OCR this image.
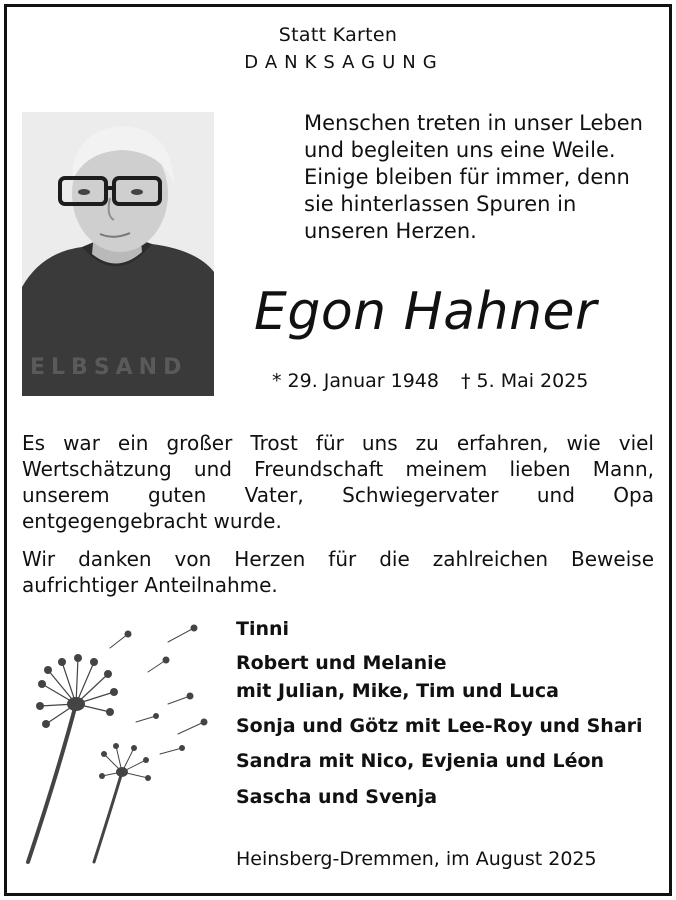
Statt Karten
DANKSAGUNG
ELBSAND
Menschen treten in unser Leben
und begleiten uns eine Weile.
Einige bleiben für immer, denn
sie hinterlassen Spuren in
unseren Herzen.
Egon Hahner
* 29. Januar 1948 † 5. Mai 2025
Es war ein großer Trost für uns zu erfahren, wie viel
Wertschätzung und Freundschaft meinem lieben Mann,
unserem guten Vater, Schwiegervater und Opa
entgegengebracht wurde.
Wir danken von Herzen für die zahlreichen Beweise
aufrichtiger Anteilnahme.
Tinni
Robert und Melanie
mit Julian, Mike, Tim und Luca
Sonja und Götz mit Lee-Roy und Shari
Sandra mit Nico, Evjenia und Léon
Sascha und Svenja
Heinsberg-Dremmen, im August 2025
